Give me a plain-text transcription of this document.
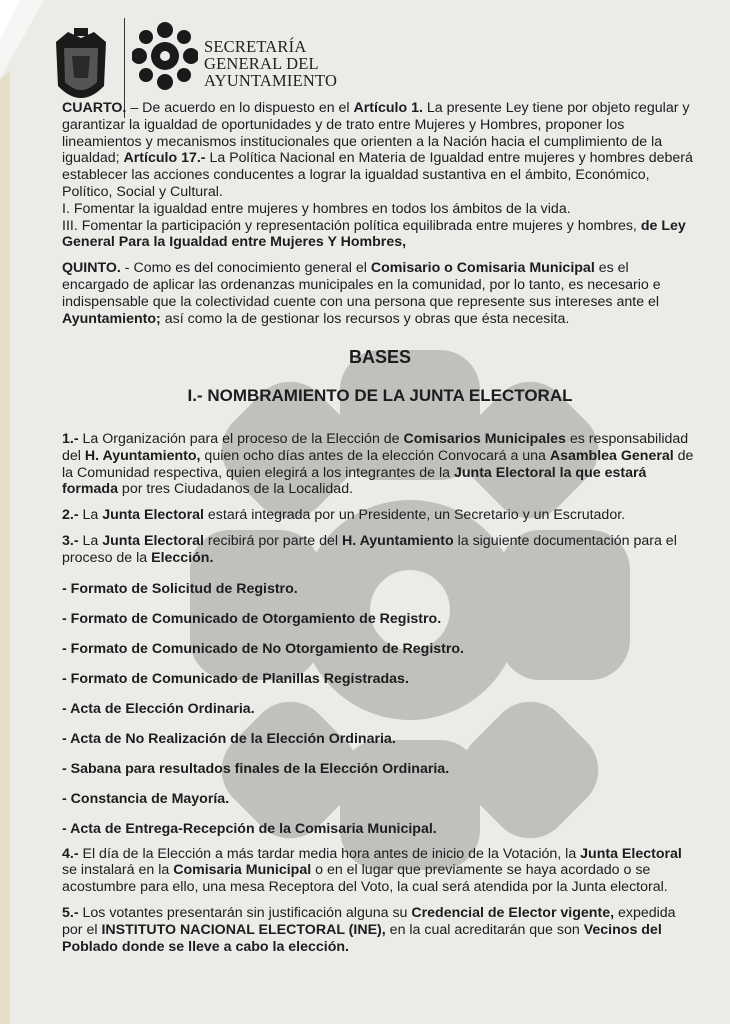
SECRETARÍA
GENERAL DEL AYUNTAMIENTO

CUARTO. – De acuerdo en lo dispuesto en el Artículo 1. La presente Ley tiene por objeto regular y garantizar la igualdad de oportunidades y de trato entre Mujeres y Hombres, proponer los lineamientos y mecanismos institucionales que orienten a la Nación hacia el cumplimiento de la igualdad; Artículo 17.- La Política Nacional en Materia de Igualdad entre mujeres y hombres deberá establecer las acciones conducentes a lograr la igualdad sustantiva en el ámbito, Económico, Político, Social y Cultural.

I. Fomentar la igualdad entre mujeres y hombres en todos los ámbitos de la vida.

III. Fomentar la participación y representación política equilibrada entre mujeres y hombres, de Ley General Para la Igualdad entre Mujeres Y Hombres,

QUINTO. - Como es del conocimiento general el Comisario o Comisaria Municipal es el encargado de aplicar las ordenanzas municipales en la comunidad, por lo tanto, es necesario e indispensable que la colectividad cuente con una persona que represente sus intereses ante el Ayuntamiento; así como la de gestionar los recursos y obras que ésta necesita.

BASES
I.- NOMBRAMIENTO DE LA JUNTA ELECTORAL

1.- La Organización para el proceso de la Elección de Comisarios Municipales es responsabilidad del H. Ayuntamiento, quien ocho días antes de la elección Convocará a una Asamblea General de la Comunidad respectiva, quien elegirá a los integrantes de la Junta Electoral la que estará formada por tres Ciudadanos de la Localidad.

2.- La Junta Electoral estará integrada por un Presidente, un Secretario y un Escrutador.

3.- La Junta Electoral recibirá por parte del H. Ayuntamiento la siguiente documentación para el proceso de la Elección.

- Formato de Solicitud de Registro.

- Formato de Comunicado de Otorgamiento de Registro.

- Formato de Comunicado de No Otorgamiento de Registro.

- Formato de Comunicado de Planillas Registradas.

- Acta de Elección Ordinaria.

- Acta de No Realización de la Elección Ordinaria.

- Sabana para resultados finales de la Elección Ordinaria.

- Constancia de Mayoría.

- Acta de Entrega-Recepción de la Comisaria Municipal.

4.- El día de la Elección a más tardar media hora antes de inicio de la Votación, la Junta Electoral se instalará en la Comisaria Municipal o en el lugar que previamente se haya acordado o se acostumbre para ello, una mesa Receptora del Voto, la cual será atendida por la Junta electoral.

5.- Los votantes presentarán sin justificación alguna su Credencial de Elector vigente, expedida por el INSTITUTO NACIONAL ELECTORAL (INE), en la cual acreditarán que son Vecinos del Poblado donde se lleve a cabo la elección.
